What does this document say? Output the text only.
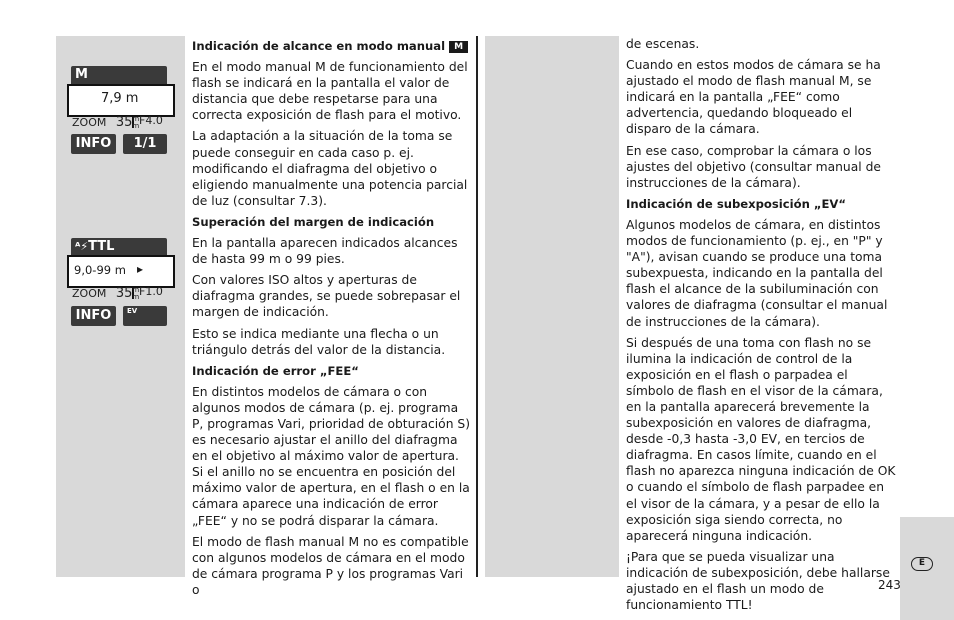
M
7,9 m
ZOOM 35 m
m F4.0
INFO	1/1
ᴬ⚡TTL
9,0-99 m ▸
ZOOM 35 m
m F1.0
INFO	EV
Indicación de alcance en modo manual M

En el modo manual M de funcionamiento del flash se indicará en la pantalla el valor de distancia que debe respetarse para una correcta exposición de flash para el motivo.

La adaptación a la situación de la toma se puede conseguir en cada caso p. ej. modificando el diafragma del objetivo o eligiendo manualmente una potencia parcial de luz (consultar 7.3).

Superación del margen de indicación

En la pantalla aparecen indicados alcances de hasta 99 m o 99 pies.

Con valores ISO altos y aperturas de diafragma grandes, se puede sobrepasar el margen de indicación.

Esto se indica mediante una flecha o un triángulo detrás del valor de la distancia.

Indicación de error „FEE“

En distintos modelos de cámara o con algunos modos de cámara (p. ej. programa P, programas Vari, prioridad de obturación S) es necesario ajustar el anillo del diafragma en el objetivo al máximo valor de apertura.
Si el anillo no se encuentra en posición del máximo valor de apertura, en el flash o en la cámara aparece una indicación de error „FEE“ y no se podrá disparar la cámara.

El modo de flash manual M no es compatible con algunos modelos de cámara en el modo de cámara programa P y los programas Vari o

de escenas.

Cuando en estos modos de cámara se ha ajustado el modo de flash manual M, se indicará en la pantalla „FEE“ como advertencia, quedando bloqueado el disparo de la cámara.

En ese caso, comprobar la cámara o los ajustes del objetivo (consultar manual de instrucciones de la cámara).

Indicación de subexposición „EV“

Algunos modelos de cámara, en distintos modos de funcionamiento (p. ej., en "P" y "A"), avisan cuando se produce una toma subexpuesta, indicando en la pantalla del flash el alcance de la subiluminación con valores de diafragma (consultar el manual de instrucciones de la cámara).

Si después de una toma con flash no se ilumina la indicación de control de la exposición en el flash o parpadea el símbolo de flash en el visor de la cámara, en la pantalla aparecerá brevemente la subexposición en valores de diafragma, desde -0,3 hasta -3,0 EV, en tercios de diafragma. En casos límite, cuando en el flash no aparezca ninguna indicación de OK o cuando el símbolo de flash parpadee en el visor de la cámara, y a pesar de ello la exposición siga siendo correcta, no aparecerá ninguna indicación.

¡Para que se pueda visualizar una indicación de subexposición, debe hallarse ajustado en el flash un modo de funcionamiento TTL!

E
243
